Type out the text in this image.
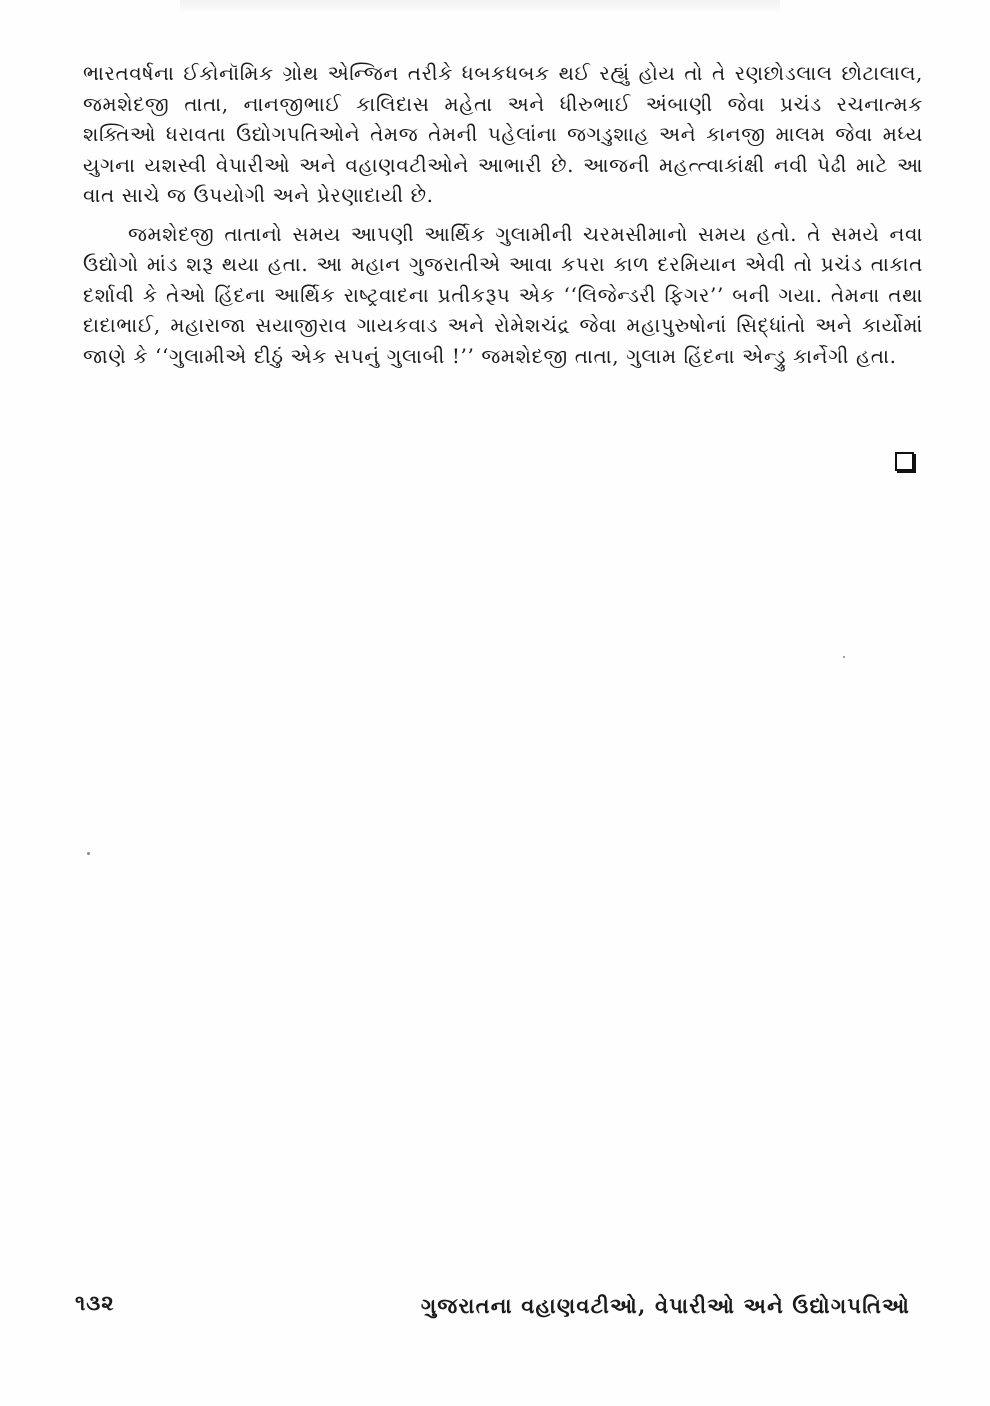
ભારતવર્ષના ઈકોનૉમિક ગ્રોથ એન્જિન તરીકે ધબકધબક થઈ રહ્યું હોય તો તે રણછોડલાલ છોટાલાલ, જમશેદજી તાતા, નાનજીભાઈ કાલિદાસ મહેતા અને ધીરુભાઈ અંબાણી જેવા પ્રચંડ રચનાત્મક શક્તિઓ ધરાવતા ઉદ્યોગપતિઓને તેમજ તેમની પહેલાંના જગડુશાહ અને કાનજી માલમ જેવા મધ્ય યુગના યશસ્વી વેપારીઓ અને વહાણવટીઓને આભારી છે. આજની મહત્ત્વાકાંક્ષી નવી પેઢી માટે આ વાત સાચે જ ઉપયોગી અને પ્રેરણાદાયી છે.

જમશેદજી તાતાનો સમય આપણી આર્થિક ગુલામીની ચરમસીમાનો સમય હતો. તે સમયે નવા ઉદ્યોગો માંડ શરૂ થયા હતા. આ મહાન ગુજરાતીએ આવા કપરા કાળ દરમિયાન એવી તો પ્રચંડ તાકાત દર્શાવી કે તેઓ હિંદના આર્થિક રાષ્ટ્રવાદના પ્રતીકરૂપ એક ‘‘લિજેન્ડરી ફિગર’’ બની ગયા. તેમના તથા દાદાભાઈ, મહારાજા સયાજીરાવ ગાયકવાડ અને રોમેશચંદ્ર જેવા મહાપુરુષોનાં સિદ્ધાંતો અને કાર્યોમાં જાણે કે ‘‘ગુલામીએ દીઠું એક સપનું ગુલાબી !’’ જમશેદજી તાતા, ગુલામ હિંદના એન્ડ્રુ કાર્નેગી હતા.

૧૩૨	ગુજરાતના વહાણવટીઓ, વેપારીઓ અને ઉદ્યોગપતિઓ
